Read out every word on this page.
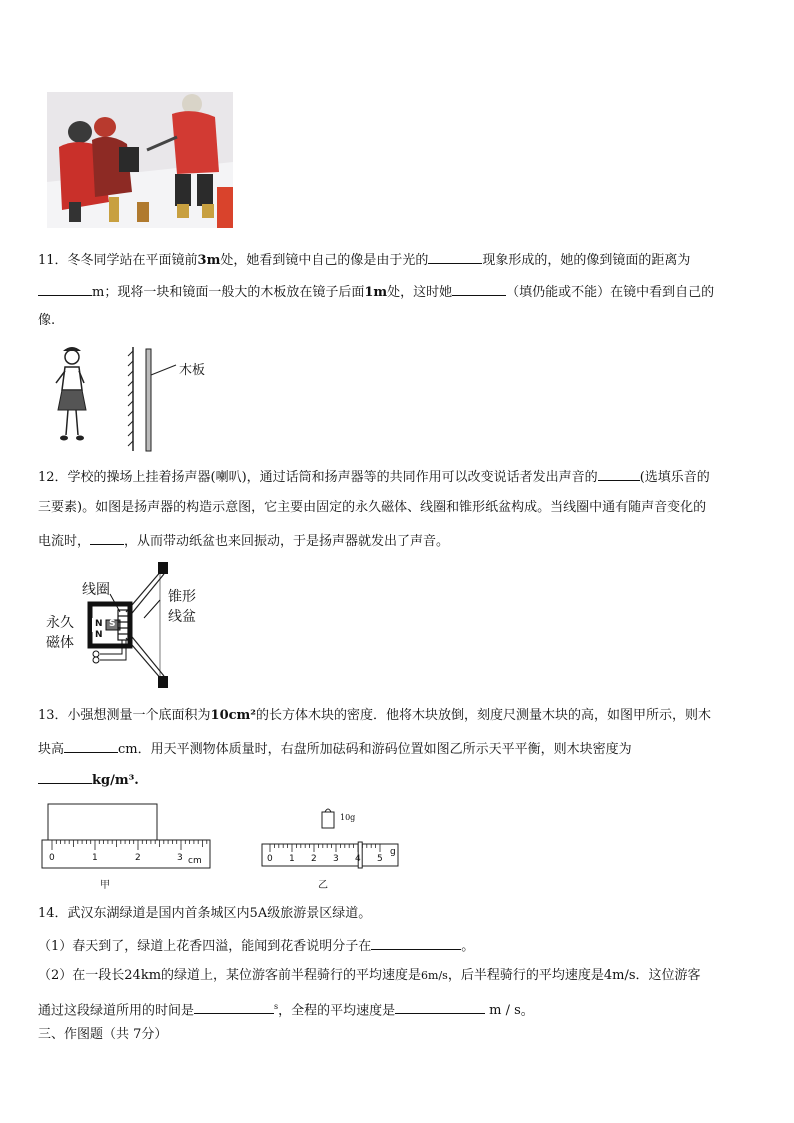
11．冬冬同学站在平面镜前3m处，她看到镜中自己的像是由于光的	现象形成的，她的像到镜面的距离为
m；现将一块和镜面一般大的木板放在镜子后面1m处，这时她	（填仍能或不能）在镜中看到自己的
像.
木板
12．学校的操场上挂着扬声器(喇叭)，通过话筒和扬声器等的共同作用可以改变说话者发出声音的	(选填乐音的
三要素)。如图是扬声器的构造示意图，它主要由固定的永久磁体、线圈和锥形纸盆构成。当线圈中通有随声音变化的
电流时，	，从而带动纸盆也来回振动，于是扬声器就发出了声音。
线圈	锥形
线盆
永久
磁体
N S
N
13．小强想测量一个底面积为10cm²的长方体木块的密度．他将木块放倒，刻度尺测量木块的高，如图甲所示，则木
块高	cm．用天平测物体质量时，右盘所加砝码和游码位置如图乙所示天平平衡，则木块密度为
kg/m³.
0	1	2	3 cm
甲
10g
0 1 2 3 4 5
g
乙
14．武汉东湖绿道是国内首条城区内5A级旅游景区绿道。
（1）春天到了，绿道上花香四溢，能闻到花香说明分子在	。
（2）在一段长24km的绿道上，某位游客前半程骑行的平均速度是6m/s，后半程骑行的平均速度是4m/s．这位游客
通过这段绿道所用的时间是	$^s$，全程的平均速度是	m / s。
三、作图题（共 7分）
